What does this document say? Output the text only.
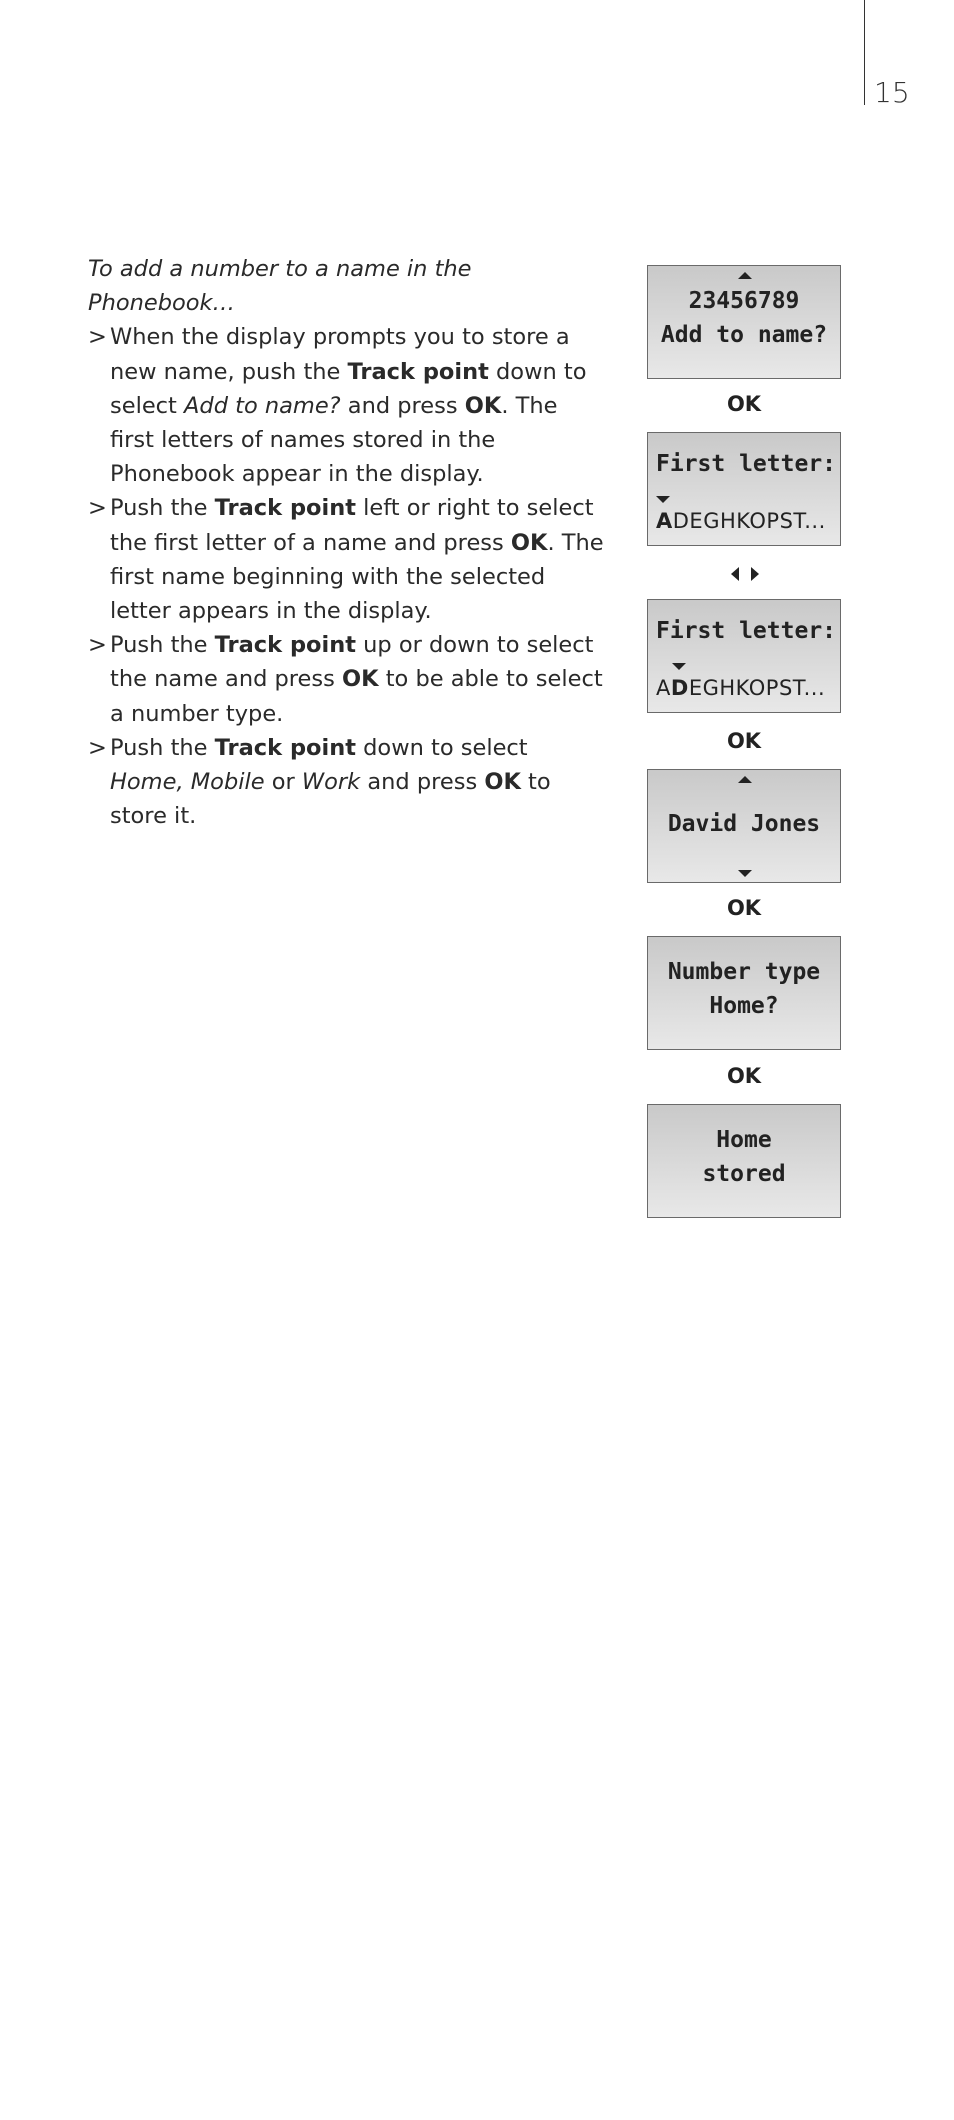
15

To add a number to a name in the Phonebook…

> When the display prompts you to store a new name, push the Track point down to select Add to name? and press OK. The first letters of names stored in the Phonebook appear in the display.
> Push the Track point left or right to select the first letter of a name and press OK. The first name beginning with the selected letter appears in the display.
> Push the Track point up or down to select the name and press OK to be able to select a number type.
> Push the Track point down to select Home, Mobile or Work and press OK to store it.
23456789
Add to name?
OK
First letter:
ADEGHKOPST...
First letter:
ADEGHKOPST...
OK
David Jones
OK
Number type
Home?
OK
Home
stored
